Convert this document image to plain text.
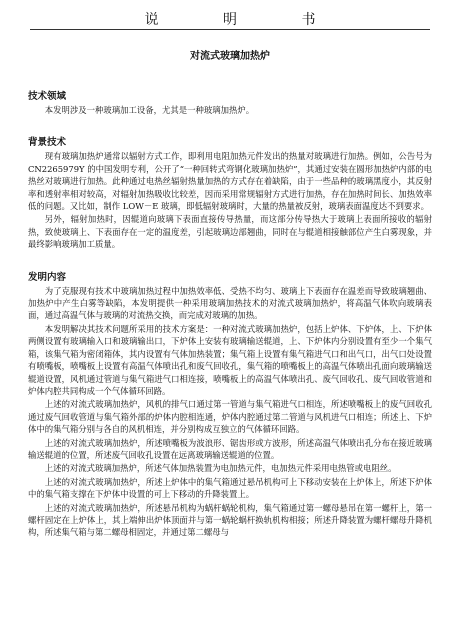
说 明 书
对流式玻璃加热炉
技术领域

本发明涉及一种玻璃加工设备，尤其是一种玻璃加热炉。

背景技术

现有玻璃加热炉通常以辐射方式工作，即利用电阻加热元件发出的热量对玻璃进行加热。例如，公告号为 CN2265979Y 的中国发明专利，公开了“一种回转式弯钢化玻璃加热炉”，其通过安装在圆形加热炉内部的电热丝对玻璃进行加热。此种通过电热丝辐射热量加热的方式存在着缺陷，由于一些品种的玻璃黑度小，其反射率和透射率相对较高，对辐射加热吸收比较差，因而采用常规辐射方式进行加热，存在加热时间长、加热效率低的问题。又比如，制作 LOW－E 玻璃，即低辐射玻璃时，大量的热量被反射，玻璃表面温度达不到要求。

另外，辐射加热时，因辊道向玻璃下表面直接传导热量，而这部分传导热大于玻璃上表面所接收的辐射热，致使玻璃上、下表面存在一定的温度差，引起玻璃边部翘曲，同时在与辊道相接触部位产生白雾现象，并最终影响玻璃加工质量。

发明内容

为了克服现有技术中玻璃加热过程中加热效率低、受热不均匀、玻璃上下表面存在温差而导致玻璃翘曲、加热炉中产生白雾等缺陷，本发明提供一种采用玻璃加热技术的对流式玻璃加热炉，将高温气体吹向玻璃表面，通过高温气体与玻璃的对流热交换，而完成对玻璃的加热。

本发明解决其技术问题所采用的技术方案是：一种对流式玻璃加热炉，包括上炉体、下炉体，上、下炉体两侧设置有玻璃输入口和玻璃输出口，下炉体上安装有玻璃输送辊道，上、下炉体内分别设置有至少一个集气箱，该集气箱为密闭箱体，其内设置有气体加热装置；集气箱上设置有集气箱进气口和出气口，出气口处设置有喷嘴板，喷嘴板上设置有高温气体喷出孔和废气回收孔，集气箱的喷嘴板上的高温气体喷出孔面向玻璃输送辊道设置，风机通过管道与集气箱进气口相连接，喷嘴板上的高温气体喷出孔、废气回收孔、废气回收管道和炉体内腔共同构成一个气体循环回路。

上述的对流式玻璃加热炉，风机的排气口通过第一管道与集气箱进气口相连，所述喷嘴板上的废气回收孔通过废气回收管道与集气箱外部的炉体内腔相连通，炉体内腔通过第二管道与风机进气口相连；所述上、下炉体中的集气箱分别与各自的风机相连，并分别构成互独立的气体循环回路。

上述的对流式玻璃加热炉，所述喷嘴板为波浪形、锯齿形或方波形，所述高温气体喷出孔分布在接近玻璃输送辊道的位置，所述废气回收孔设置在远离玻璃输送辊道的位置。

上述的对流式玻璃加热炉，所述气体加热装置为电加热元件，电加热元件采用电热管或电阻丝。

上述的对流式玻璃加热炉，所述上炉体中的集气箱通过悬吊机构可上下移动安装在上炉体上，所述下炉体中的集气箱支撑在下炉体中设置的可上下移动的升降装置上。

上述的对流式玻璃加热炉，所述悬吊机构为蜗杆蜗轮机构，集气箱通过第一螺母悬吊在第一螺杆上，第一螺杆固定在上炉体上，其上端伸出炉体顶面并与第一蜗轮蜗杆换轨机构相接；所述升降装置为螺杆螺母升降机构，所述集气箱与第二螺母相固定，并通过第二螺母与
